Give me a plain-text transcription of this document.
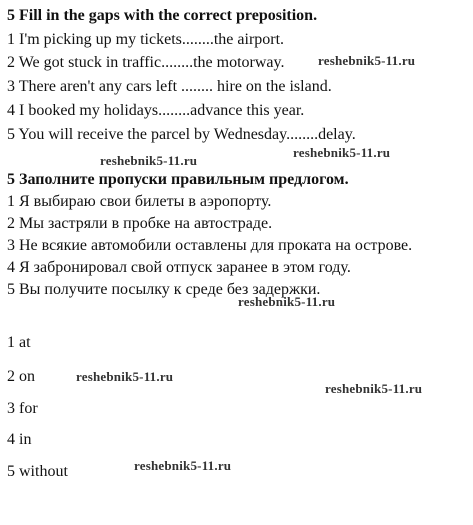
5 Fill in the gaps with the correct preposition.
1 I'm picking up my tickets........the airport.
2 We got stuck in traffic........the motorway.
3 There aren't any cars left ........ hire on the island.
4 I booked my holidays........advance this year.
5 You will receive the parcel by Wednesday........delay.
reshebnik5-11.ru
reshebnik5-11.ru
reshebnik5-11.ru
5 Заполните пропуски правильным предлогом.
1 Я выбираю свои билеты в аэропорту.
2 Мы застряли в пробке на автостраде.
3 Не всякие автомобили оставлены для проката на острове.
4 Я забронировал свой отпуск заранее в этом году.
5 Вы получите посылку к среде без задержки.
reshebnik5-11.ru
1 at
2 on	reshebnik5-11.ru
reshebnik5-11.ru
3 for
4 in
5 without	reshebnik5-11.ru
